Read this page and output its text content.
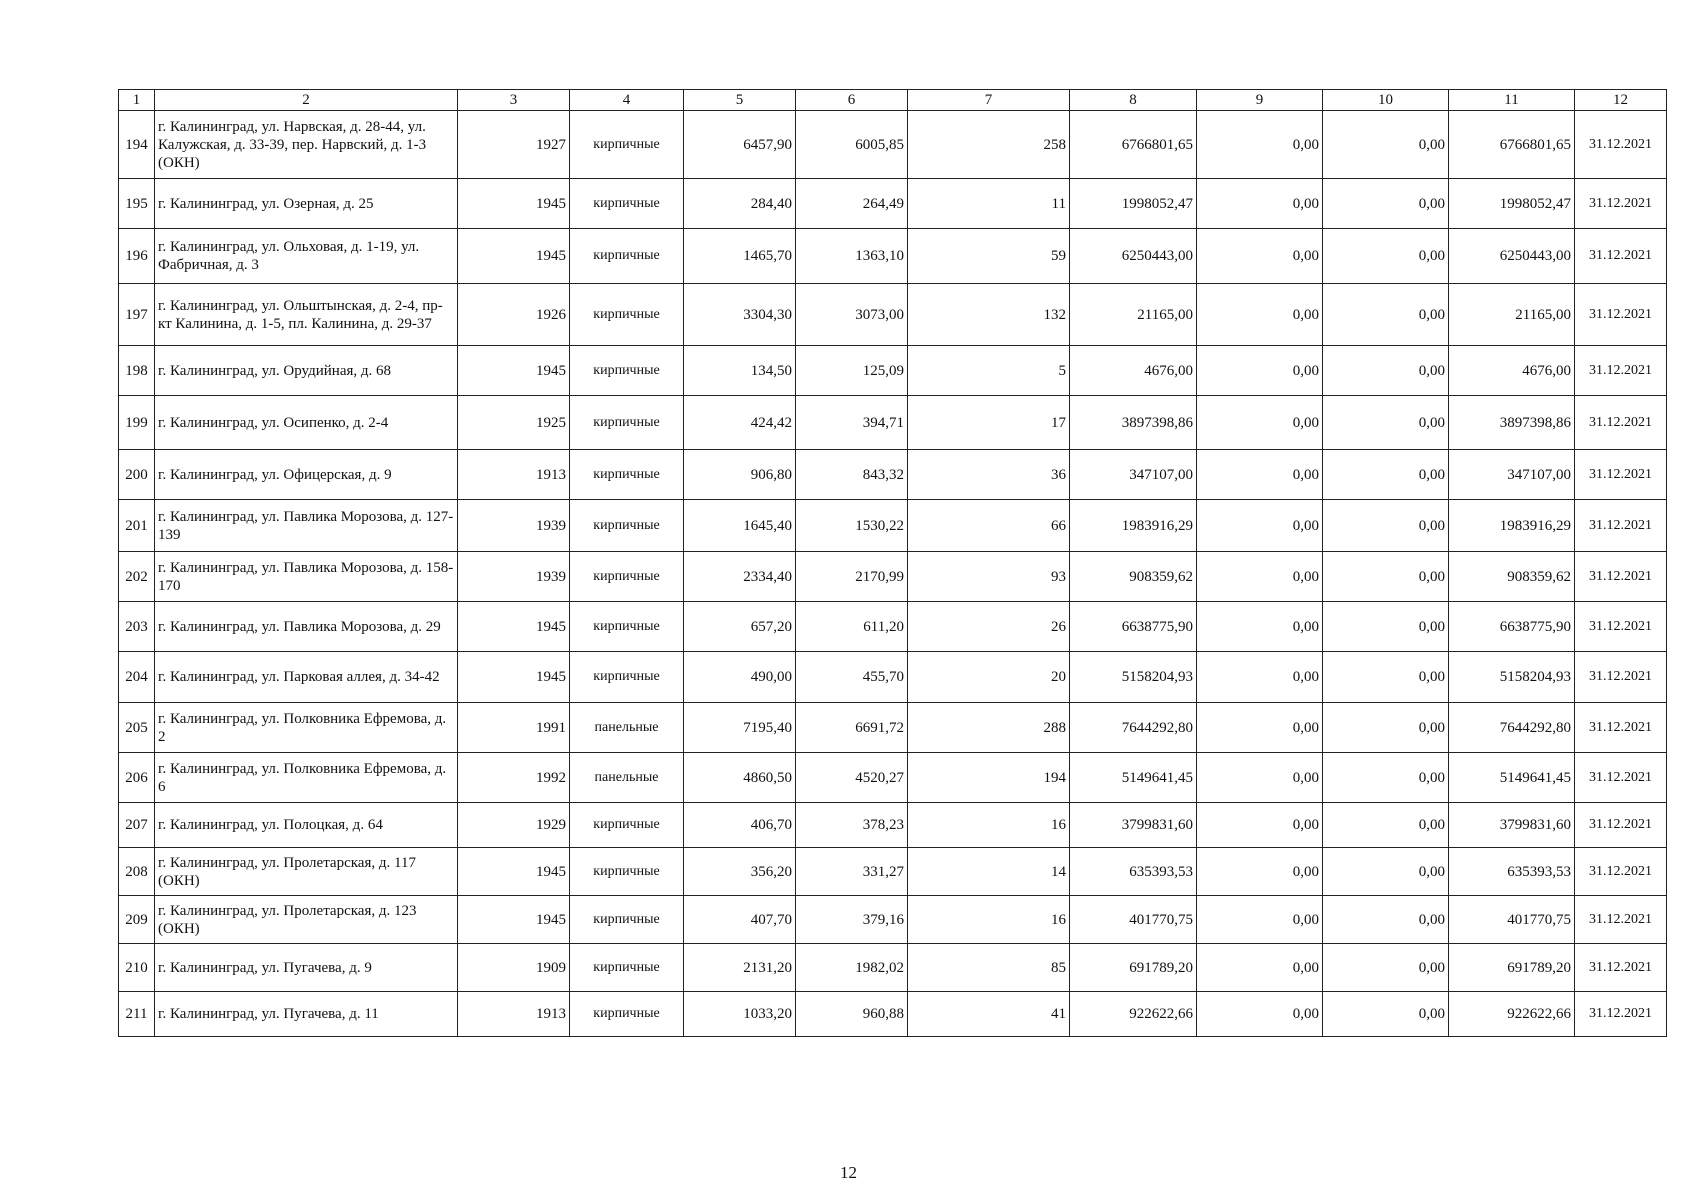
1	2	3	4	5	6	7	8	9	10	11	12
194	г. Калининград, ул. Нарвская, д. 28-44, ул. Калужская, д. 33-39, пер. Нарвский, д. 1-3 (ОКН)	1927	кирпичные	6457,90	6005,85	258	6766801,65	0,00	0,00	6766801,65	31.12.2021
195	г. Калининград, ул. Озерная, д. 25	1945	кирпичные	284,40	264,49	11	1998052,47	0,00	0,00	1998052,47	31.12.2021
196	г. Калининград, ул. Ольховая, д. 1-19, ул. Фабричная, д. 3	1945	кирпичные	1465,70	1363,10	59	6250443,00	0,00	0,00	6250443,00	31.12.2021
197	г. Калининград, ул. Ольштынская, д. 2-4, пр-кт Калинина, д. 1-5, пл. Калинина, д. 29-37	1926	кирпичные	3304,30	3073,00	132	21165,00	0,00	0,00	21165,00	31.12.2021
198	г. Калининград, ул. Орудийная, д. 68	1945	кирпичные	134,50	125,09	5	4676,00	0,00	0,00	4676,00	31.12.2021
199	г. Калининград, ул. Осипенко, д. 2-4	1925	кирпичные	424,42	394,71	17	3897398,86	0,00	0,00	3897398,86	31.12.2021
200	г. Калининград, ул. Офицерская, д. 9	1913	кирпичные	906,80	843,32	36	347107,00	0,00	0,00	347107,00	31.12.2021
201	г. Калининград, ул. Павлика Морозова, д. 127-139	1939	кирпичные	1645,40	1530,22	66	1983916,29	0,00	0,00	1983916,29	31.12.2021
202	г. Калининград, ул. Павлика Морозова, д. 158-170	1939	кирпичные	2334,40	2170,99	93	908359,62	0,00	0,00	908359,62	31.12.2021
203	г. Калининград, ул. Павлика Морозова, д. 29	1945	кирпичные	657,20	611,20	26	6638775,90	0,00	0,00	6638775,90	31.12.2021
204	г. Калининград, ул. Парковая аллея, д. 34-42	1945	кирпичные	490,00	455,70	20	5158204,93	0,00	0,00	5158204,93	31.12.2021
205	г. Калининград, ул. Полковника Ефремова, д. 2	1991	панельные	7195,40	6691,72	288	7644292,80	0,00	0,00	7644292,80	31.12.2021
206	г. Калининград, ул. Полковника Ефремова, д. 6	1992	панельные	4860,50	4520,27	194	5149641,45	0,00	0,00	5149641,45	31.12.2021
207	г. Калининград, ул. Полоцкая, д. 64	1929	кирпичные	406,70	378,23	16	3799831,60	0,00	0,00	3799831,60	31.12.2021
208	г. Калининград, ул. Пролетарская, д. 117 (ОКН)	1945	кирпичные	356,20	331,27	14	635393,53	0,00	0,00	635393,53	31.12.2021
209	г. Калининград, ул. Пролетарская, д. 123 (ОКН)	1945	кирпичные	407,70	379,16	16	401770,75	0,00	0,00	401770,75	31.12.2021
210	г. Калининград, ул. Пугачева, д. 9	1909	кирпичные	2131,20	1982,02	85	691789,20	0,00	0,00	691789,20	31.12.2021
211	г. Калининград, ул. Пугачева, д. 11	1913	кирпичные	1033,20	960,88	41	922622,66	0,00	0,00	922622,66	31.12.2021
12
